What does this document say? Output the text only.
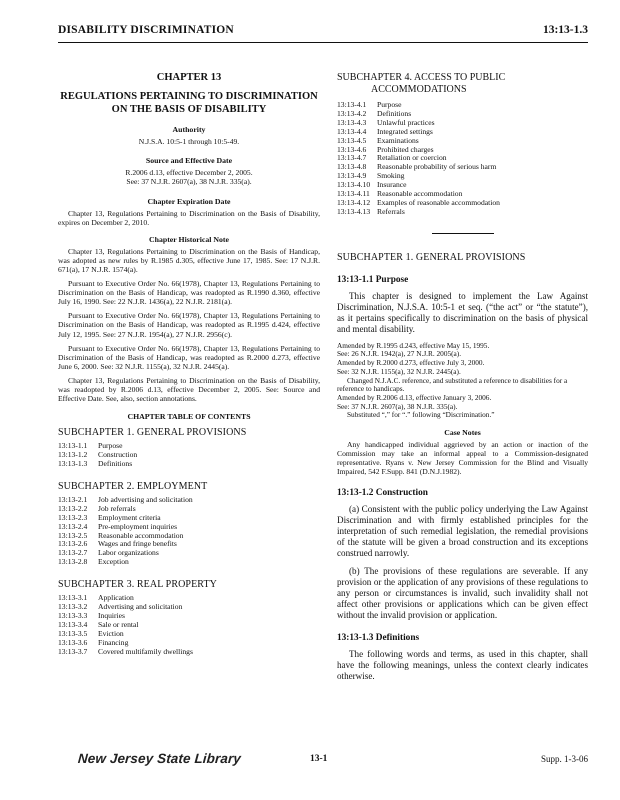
DISABILITY DISCRIMINATION	13:13-1.3
CHAPTER 13
REGULATIONS PERTAINING TO DISCRIMINATION
ON THE BASIS OF DISABILITY
Authority
N.J.S.A. 10:5-1 through 10:5-49.
Source and Effective Date
R.2006 d.13, effective December 2, 2005.
See: 37 N.J.R. 2607(a), 38 N.J.R. 335(a).
Chapter Expiration Date

Chapter 13, Regulations Pertaining to Discrimination on the Basis of Disability, expires on December 2, 2010.

Chapter Historical Note

Chapter 13, Regulations Pertaining to Discrimination on the Basis of Handicap, was adopted as new rules by R.1985 d.305, effective June 17, 1985. See: 17 N.J.R. 671(a), 17 N.J.R. 1574(a).

Pursuant to Executive Order No. 66(1978), Chapter 13, Regulations Pertaining to Discrimination on the Basis of Handicap, was readopted as R.1990 d.360, effective July 16, 1990. See: 22 N.J.R. 1436(a), 22 N.J.R. 2181(a).

Pursuant to Executive Order No. 66(1978), Chapter 13, Regulations Pertaining to Discrimination on the Basis of Handicap, was readopted as R.1995 d.424, effective July 12, 1995. See: 27 N.J.R. 1954(a), 27 N.J.R. 2956(c).

Pursuant to Executive Order No. 66(1978), Chapter 13, Regulations Pertaining to Discrimination of the Basis of Handicap, was readopted as R.2000 d.273, effective June 6, 2000. See: 32 N.J.R. 1155(a), 32 N.J.R. 2445(a).

Chapter 13, Regulations Pertaining to Discrimination on the Basis of Disability, was readopted by R.2006 d.13, effective December 2, 2005. See: Source and Effective Date. See, also, section annotations.

CHAPTER TABLE OF CONTENTS
SUBCHAPTER 1. GENERAL PROVISIONS
13:13-1.1	Purpose
13:13-1.2	Construction
13:13-1.3	Definitions
SUBCHAPTER 2. EMPLOYMENT
13:13-2.1	Job advertising and solicitation
13:13-2.2	Job referrals
13:13-2.3	Employment criteria
13:13-2.4	Pre-employment inquiries
13:13-2.5	Reasonable accommodation
13:13-2.6	Wages and fringe benefits
13:13-2.7	Labor organizations
13:13-2.8	Exception
SUBCHAPTER 3. REAL PROPERTY
13:13-3.1	Application
13:13-3.2	Advertising and solicitation
13:13-3.3	Inquiries
13:13-3.4	Sale or rental
13:13-3.5	Eviction
13:13-3.6	Financing
13:13-3.7	Covered multifamily dwellings
SUBCHAPTER 4. ACCESS TO PUBLIC
ACCOMMODATIONS
13:13-4.1	Purpose
13:13-4.2	Definitions
13:13-4.3	Unlawful practices
13:13-4.4	Integrated settings
13:13-4.5	Examinations
13:13-4.6	Prohibited charges
13:13-4.7	Retaliation or coercion
13:13-4.8	Reasonable probability of serious harm
13:13-4.9	Smoking
13:13-4.10 Insurance
13:13-4.11 Reasonable accommodation
13:13-4.12 Examples of reasonable accommodation
13:13-4.13 Referrals
SUBCHAPTER 1. GENERAL PROVISIONS
13:13-1.1 Purpose

This chapter is designed to implement the Law Against Discrimination, N.J.S.A. 10:5-1 et seq. (“the act” or “the statute”), as it pertains specifically to discrimination on the basis of physical and mental disability.

Amended by R.1995 d.243, effective May 15, 1995.

See: 26 N.J.R. 1942(a), 27 N.J.R. 2005(a).

Amended by R.2000 d.273, effective July 3, 2000.

See: 32 N.J.R. 1155(a), 32 N.J.R. 2445(a).

Changed N.J.A.C. reference, and substituted a reference to disabilities for a reference to handicaps.

Amended by R.2006 d.13, effective January 3, 2006.

See: 37 N.J.R. 2607(a), 38 N.J.R. 335(a).

Substituted “,” for “.” following “Discrimination.”

Case Notes

Any handicapped individual aggrieved by an action or inaction of the Commission may take an informal appeal to a Commission-designated representative. Ryans v. New Jersey Commission for the Blind and Visually Impaired, 542 F.Supp. 841 (D.N.J.1982).

13:13-1.2 Construction

(a) Consistent with the public policy underlying the Law Against Discrimination and with firmly established principles for the interpretation of such remedial legislation, the remedial provisions of the statute will be given a broad construction and its exceptions construed narrowly.

(b) The provisions of these regulations are severable. If any provision or the application of any provisions of these regulations to any person or circumstances is invalid, such invalidity shall not affect other provisions or applications which can be given effect without the invalid provision or application.

13:13-1.3 Definitions

The following words and terms, as used in this chapter, shall have the following meanings, unless the context clearly indicates otherwise.

New Jersey State Library	13-1	Supp. 1-3-06
